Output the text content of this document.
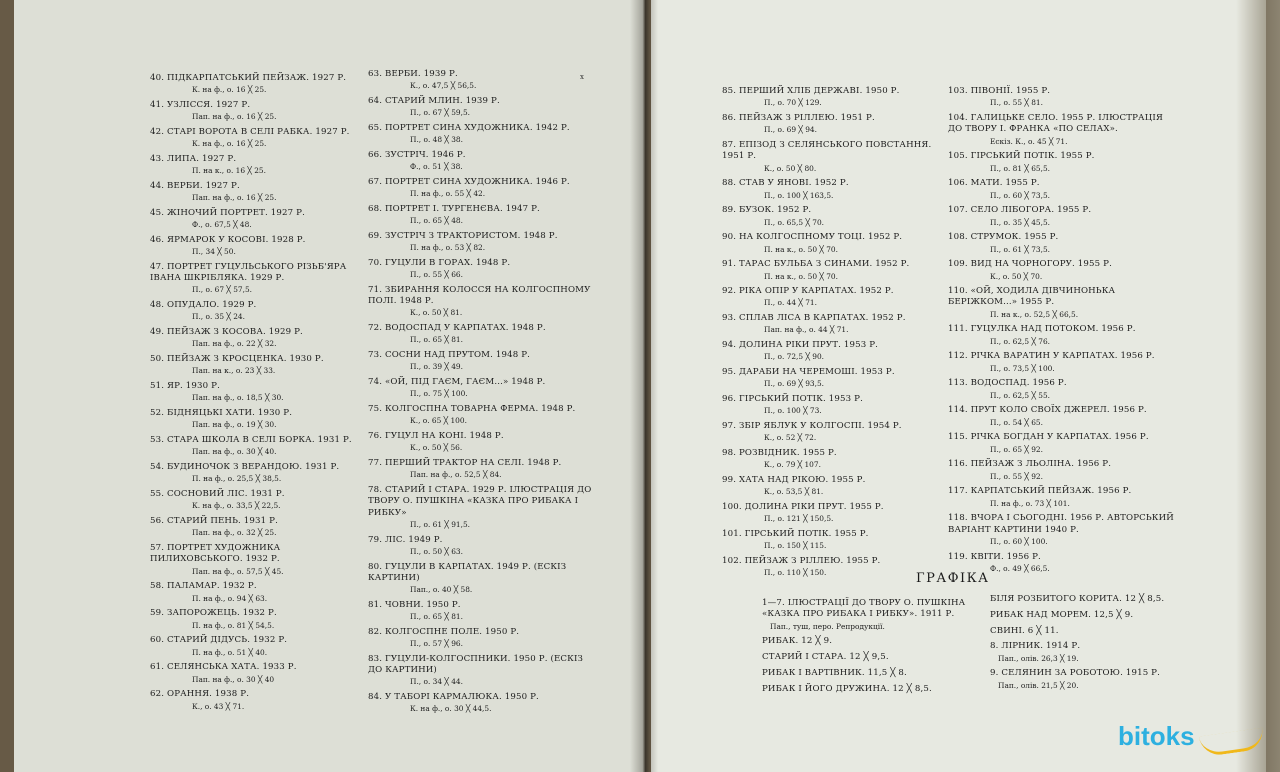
x
40. ПІДКАРПАТСЬКИЙ ПЕЙЗАЖ. 1927 Р.
К. на ф., о. 16 ╳ 25.
41. УЗЛІССЯ. 1927 Р.
Пап. на ф., о. 16 ╳ 25.
42. СТАРІ ВОРОТА В СЕЛІ РАБКА. 1927 Р.
К. на ф., о. 16 ╳ 25.
43. ЛИПА. 1927 Р.
П. на к., о. 16 ╳ 25.
44. ВЕРБИ. 1927 Р.
Пап. на ф., о. 16 ╳ 25.
45. ЖІНОЧИЙ ПОРТРЕТ. 1927 Р.
Ф., о. 67,5 ╳ 48.
46. ЯРМАРОК У КОСОВІ. 1928 Р.
П., 34 ╳ 50.
47. ПОРТРЕТ ГУЦУЛЬСЬКОГО РІЗЬБ'ЯРА ІВАНА ШКРІБЛЯКА. 1929 Р.
П., о. 67 ╳ 57,5.
48. ОПУДАЛО. 1929 Р.
П., о. 35 ╳ 24.
49. ПЕЙЗАЖ З КОСОВА. 1929 Р.
Пап. на ф., о. 22 ╳ 32.
50. ПЕЙЗАЖ З КРОСЦЕНКА. 1930 Р.
Пап. на к., о. 23 ╳ 33.
51. ЯР. 1930 Р.
Пап. на ф., о. 18,5 ╳ 30.
52. БІДНЯЦЬКІ ХАТИ. 1930 Р.
Пап. на ф., о. 19 ╳ 30.
53. СТАРА ШКОЛА В СЕЛІ БОРКА. 1931 Р.
Пап. на ф., о. 30 ╳ 40.
54. БУДИНОЧОК З ВЕРАНДОЮ. 1931 Р.
П. на ф., о. 25,5 ╳ 38,5.
55. СОСНОВИЙ ЛІС. 1931 Р.
К. на ф., о. 33,5 ╳ 22,5.
56. СТАРИЙ ПЕНЬ. 1931 Р.
Пап. на ф., о. 32 ╳ 25.
57. ПОРТРЕТ ХУДОЖНИКА ПИЛИХОВСЬКОГО. 1932 Р.
Пап. на ф., о. 57,5 ╳ 45.
58. ПАЛАМАР. 1932 Р.
П. на ф., о. 94 ╳ 63.
59. ЗАПОРОЖЕЦЬ. 1932 Р.
П. на ф., о. 81 ╳ 54,5.
60. СТАРИЙ ДІДУСЬ. 1932 Р.
П. на ф., о. 51 ╳ 40.
61. СЕЛЯНСЬКА ХАТА. 1933 Р.
Пап. на ф., о. 30 ╳ 40
62. ОРАННЯ. 1938 Р.
К., о. 43 ╳ 71.
63. ВЕРБИ. 1939 Р.
К., о. 47,5 ╳ 56,5.
64. СТАРИЙ МЛИН. 1939 Р.
П., о. 67 ╳ 59,5.
65. ПОРТРЕТ СИНА ХУДОЖНИКА. 1942 Р.
П., о. 48 ╳ 38.
66. ЗУСТРІЧ. 1946 Р.
Ф., о. 51 ╳ 38.
67. ПОРТРЕТ СИНА ХУДОЖНИКА. 1946 Р.
П. на ф., о. 55 ╳ 42.
68. ПОРТРЕТ І. ТУРГЕНЄВА. 1947 Р.
П., о. 65 ╳ 48.
69. ЗУСТРІЧ З ТРАКТОРИСТОМ. 1948 Р.
П. на ф., о. 53 ╳ 82.
70. ГУЦУЛИ В ГОРАХ. 1948 Р.
П., о. 55 ╳ 66.
71. ЗБИРАННЯ КОЛОССЯ НА КОЛГОСПНОМУ ПОЛІ. 1948 Р.
К., о. 50 ╳ 81.
72. ВОДОСПАД У КАРПАТАХ. 1948 Р.
П., о. 65 ╳ 81.
73. СОСНИ НАД ПРУТОМ. 1948 Р.
П., о. 39 ╳ 49.
74. «ОЙ, ПІД ГАЄМ, ГАЄМ...» 1948 Р.
П., о. 75 ╳ 100.
75. КОЛГОСПНА ТОВАРНА ФЕРМА. 1948 Р.
К., о. 65 ╳ 100.
76. ГУЦУЛ НА КОНІ. 1948 Р.
К., о. 50 ╳ 56.
77. ПЕРШИЙ ТРАКТОР НА СЕЛІ. 1948 Р.
Пап. на ф., о. 52,5 ╳ 84.
78. СТАРИЙ І СТАРА. 1929 Р. ІЛЮСТРАЦІЯ ДО ТВОРУ О. ПУШКІНА «КАЗКА ПРО РИБАКА І РИБКУ»
П., о. 61 ╳ 91,5.
79. ЛІС. 1949 Р.
П., о. 50 ╳ 63.
80. ГУЦУЛИ В КАРПАТАХ. 1949 Р. (ЕСКІЗ КАРТИНИ)
Пап., о. 40 ╳ 58.
81. ЧОВНИ. 1950 Р.
П., о. 65 ╳ 81.
82. КОЛГОСПНЕ ПОЛЕ. 1950 Р.
П., о. 57 ╳ 96.
83. ГУЦУЛИ-КОЛГОСПНИКИ. 1950 Р. (ЕСКІЗ ДО КАРТИНИ)
П., о. 34 ╳ 44.
84. У ТАБОРІ КАРМАЛЮКА. 1950 Р.
К. на ф., о. 30 ╳ 44,5.
85. ПЕРШИЙ ХЛІБ ДЕРЖАВІ. 1950 Р.
П., о. 70 ╳ 129.
86. ПЕЙЗАЖ З РІЛЛЕЮ. 1951 Р.
П., о. 69 ╳ 94.
87. ЕПІЗОД З СЕЛЯНСЬКОГО ПОВСТАННЯ. 1951 Р.
К., о. 50 ╳ 80.
88. СТАВ У ЯНОВІ. 1952 Р.
П., о. 100 ╳ 163,5.
89. БУЗОК. 1952 Р.
П., о. 65,5 ╳ 70.
90. НА КОЛГОСПНОМУ ТОЦІ. 1952 Р.
П. на к., о. 50 ╳ 70.
91. ТАРАС БУЛЬБА З СИНАМИ. 1952 Р.
П. на к., о. 50 ╳ 70.
92. РІКА ОПІР У КАРПАТАХ. 1952 Р.
П., о. 44 ╳ 71.
93. СПЛАВ ЛІСА В КАРПАТАХ. 1952 Р.
Пап. на ф., о. 44 ╳ 71.
94. ДОЛИНА РІКИ ПРУТ. 1953 Р.
П., о. 72,5 ╳ 90.
95. ДАРАБИ НА ЧЕРЕМОШІ. 1953 Р.
П., о. 69 ╳ 93,5.
96. ГІРСЬКИЙ ПОТІК. 1953 Р.
П., о. 100 ╳ 73.
97. ЗБІР ЯБЛУК У КОЛГОСПІ. 1954 Р.
К., о. 52 ╳ 72.
98. РОЗВІДНИК. 1955 Р.
К., о. 79 ╳ 107.
99. ХАТА НАД РІКОЮ. 1955 Р.
К., о. 53,5 ╳ 81.
100. ДОЛИНА РІКИ ПРУТ. 1955 Р.
П., о. 121 ╳ 150,5.
101. ГІРСЬКИЙ ПОТІК. 1955 Р.
П., о. 150 ╳ 115.
102. ПЕЙЗАЖ З РІЛЛЕЮ. 1955 Р.
П., о. 110 ╳ 150.
103. ПІВОНІЇ. 1955 Р.
П., о. 55 ╳ 81.
104. ГАЛИЦЬКЕ СЕЛО. 1955 Р. ІЛЮСТРАЦІЯ ДО ТВОРУ І. ФРАНКА «ПО СЕЛАХ».
Ескіз. К., о. 45 ╳ 71.
105. ГІРСЬКИЙ ПОТІК. 1955 Р.
П., о. 81 ╳ 65,5.
106. МАТИ. 1955 Р.
П., о. 60 ╳ 73,5.
107. СЕЛО ЛІБОГОРА. 1955 Р.
П., о. 35 ╳ 45,5.
108. СТРУМОК. 1955 Р.
П., о. 61 ╳ 73,5.
109. ВИД НА ЧОРНОГОРУ. 1955 Р.
К., о. 50 ╳ 70.
110. «ОЙ, ХОДИЛА ДІВЧИНОНЬКА БЕРІЖКОМ...» 1955 Р.
П. на к., о. 52,5 ╳ 66,5.
111. ГУЦУЛКА НАД ПОТОКОМ. 1956 Р.
П., о. 62,5 ╳ 76.
112. РІЧКА ВАРАТИН У КАРПАТАХ. 1956 Р.
П., о. 73,5 ╳ 100.
113. ВОДОСПАД. 1956 Р.
П., о. 62,5 ╳ 55.
114. ПРУТ КОЛО СВОЇХ ДЖЕРЕЛ. 1956 Р.
П., о. 54 ╳ 65.
115. РІЧКА БОГДАН У КАРПАТАХ. 1956 Р.
П., о. 65 ╳ 92.
116. ПЕЙЗАЖ З ЛЬОЛІНА. 1956 Р.
П., о. 55 ╳ 92.
117. КАРПАТСЬКИЙ ПЕЙЗАЖ. 1956 Р.
П. на ф., о. 73 ╳ 101.
118. ВЧОРА І СЬОГОДНІ. 1956 Р. АВТОРСЬКИЙ ВАРІАНТ КАРТИНИ 1940 Р.
П., о. 60 ╳ 100.
119. КВІТИ. 1956 Р.
Ф., о. 49 ╳ 66,5.
ГРАФІКА
1—7. ІЛЮСТРАЦІЇ ДО ТВОРУ О. ПУШКІНА «КАЗКА ПРО РИБАКА І РИБКУ». 1911 Р.
Пап., туш, перо. Репродукції.
РИБАК. 12 ╳ 9.
СТАРИЙ І СТАРА. 12 ╳ 9,5.
РИБАК І ВАРТІВНИК. 11,5 ╳ 8.
РИБАК І ЙОГО ДРУЖИНА. 12 ╳ 8,5.
БІЛЯ РОЗБИТОГО КОРИТА. 12 ╳ 8,5.
РИБАК НАД МОРЕМ. 12,5 ╳ 9.
СВИНІ. 6 ╳ 11.
8. ЛІРНИК. 1914 Р.
Пап., олів. 26,3 ╳ 19.
9. СЕЛЯНИН ЗА РОБОТОЮ. 1915 Р.
Пап., олів. 21,5 ╳ 20.
bitoks
